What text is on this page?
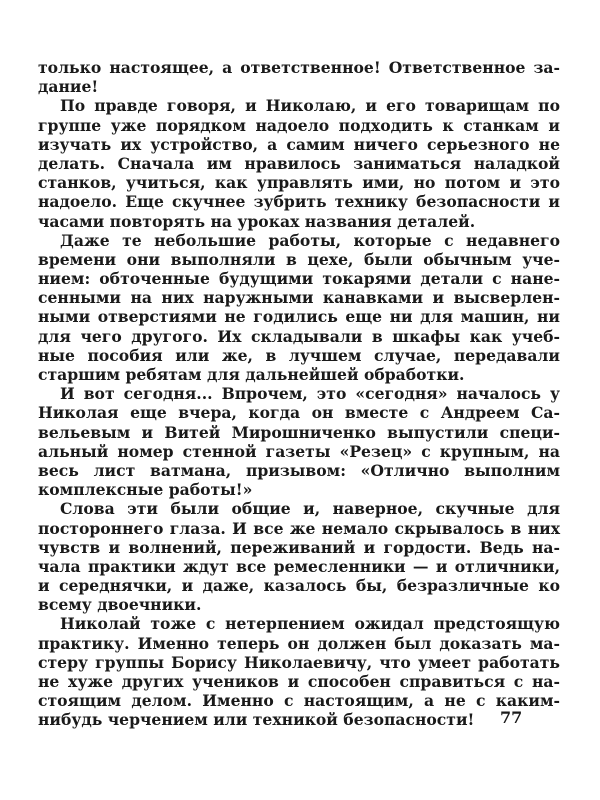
только настоящее, а ответственное! Ответственное за-
дание!
По правде говоря, и Николаю, и его товарищам по
группе уже порядком надоело подходить к станкам и
изучать их устройство, а самим ничего серьезного не
делать. Сначала им нравилось заниматься наладкой
станков, учиться, как управлять ими, но потом и это
надоело. Еще скучнее зубрить технику безопасности и
часами повторять на уроках названия деталей.
Даже те небольшие работы, которые с недавнего
времени они выполняли в цехе, были обычным уче-
нием: обточенные будущими токарями детали с нане-
сенными на них наружными канавками и высверлен-
ными отверстиями не годились еще ни для машин, ни
для чего другого. Их складывали в шкафы как учеб-
ные пособия или же, в лучшем случае, передавали
старшим ребятам для дальнейшей обработки.
И вот сегодня... Впрочем, это «сегодня» началось у
Николая еще вчера, когда он вместе с Андреем Са-
вельевым и Витей Мирошниченко выпустили специ-
альный номер стенной газеты «Резец» с крупным, на
весь лист ватмана, призывом: «Отлично выполним
комплексные работы!»
Слова эти были общие и, наверное, скучные для
постороннего глаза. И все же немало скрывалось в них
чувств и волнений, переживаний и гордости. Ведь на-
чала практики ждут все ремесленники — и отличники,
и середнячки, и даже, казалось бы, безразличные ко
всему двоечники.
Николай тоже с нетерпением ожидал предстоящую
практику. Именно теперь он должен был доказать ма-
стеру группы Борису Николаевичу, что умеет работать
не хуже других учеников и способен справиться с на-
стоящим делом. Именно с настоящим, а не с каким-
нибудь черчением или техникой безопасности!	77
